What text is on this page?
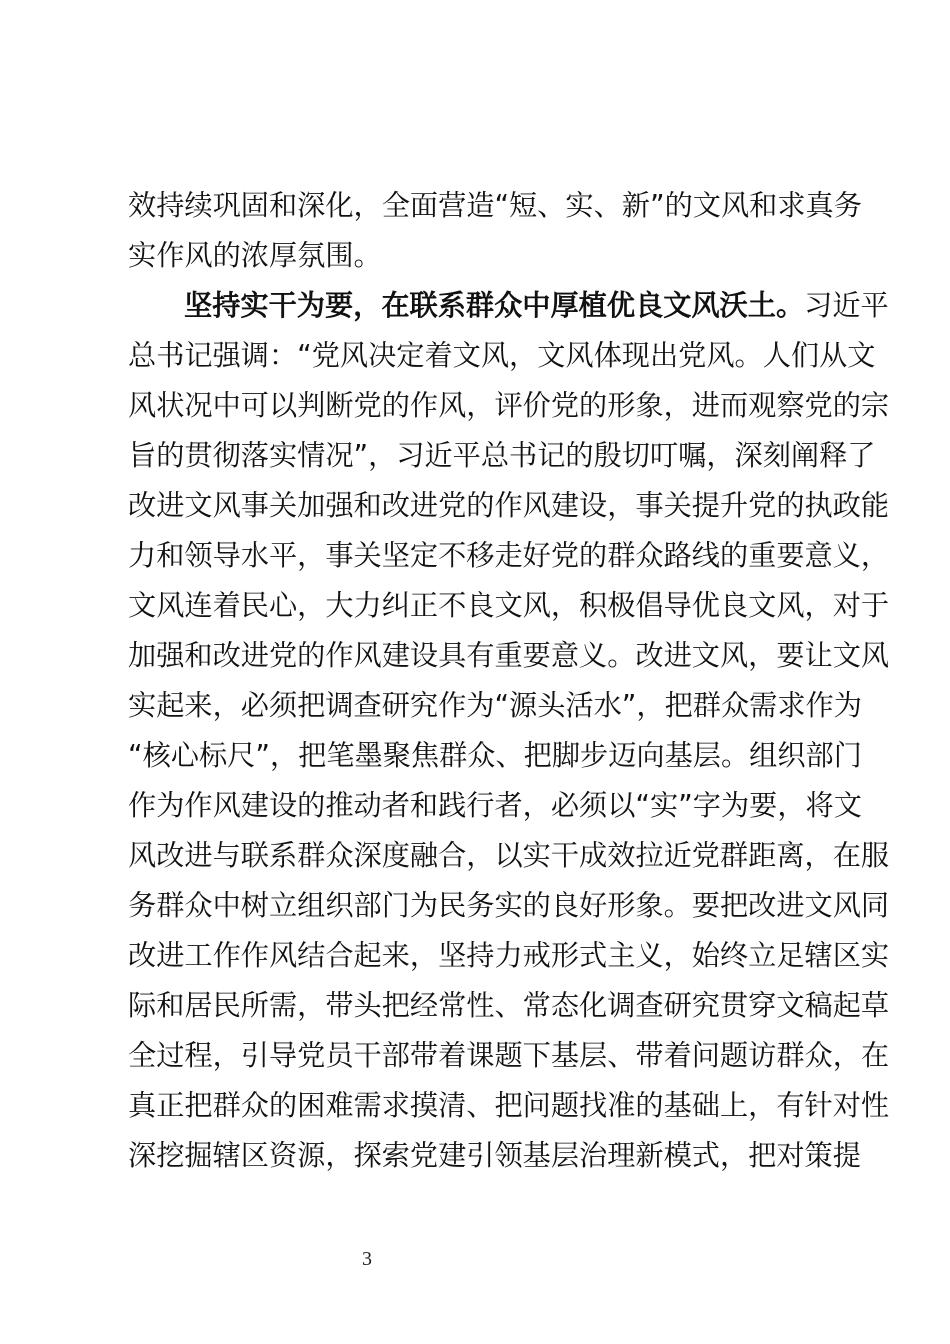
效持续巩固和深化，全面营造“短、实、新”的文风和求真务
实作风的浓厚氛围。
坚持实干为要，在联系群众中厚植优良文风沃土。习近平
总书记强调：“党风决定着文风，文风体现出党风。人们从文
风状况中可以判断党的作风，评价党的形象，进而观察党的宗
旨的贯彻落实情况”，习近平总书记的殷切叮嘱，深刻阐释了
改进文风事关加强和改进党的作风建设，事关提升党的执政能
力和领导水平，事关坚定不移走好党的群众路线的重要意义，
文风连着民心，大力纠正不良文风，积极倡导优良文风，对于
加强和改进党的作风建设具有重要意义。改进文风，要让文风
实起来，必须把调查研究作为“源头活水”，把群众需求作为
“核心标尺”，把笔墨聚焦群众、把脚步迈向基层。组织部门
作为作风建设的推动者和践行者，必须以“实”字为要，将文
风改进与联系群众深度融合，以实干成效拉近党群距离，在服
务群众中树立组织部门为民务实的良好形象。要把改进文风同
改进工作作风结合起来，坚持力戒形式主义，始终立足辖区实
际和居民所需，带头把经常性、常态化调查研究贯穿文稿起草
全过程，引导党员干部带着课题下基层、带着问题访群众，在
真正把群众的困难需求摸清、把问题找准的基础上，有针对性
深挖掘辖区资源，探索党建引领基层治理新模式，把对策提
3
